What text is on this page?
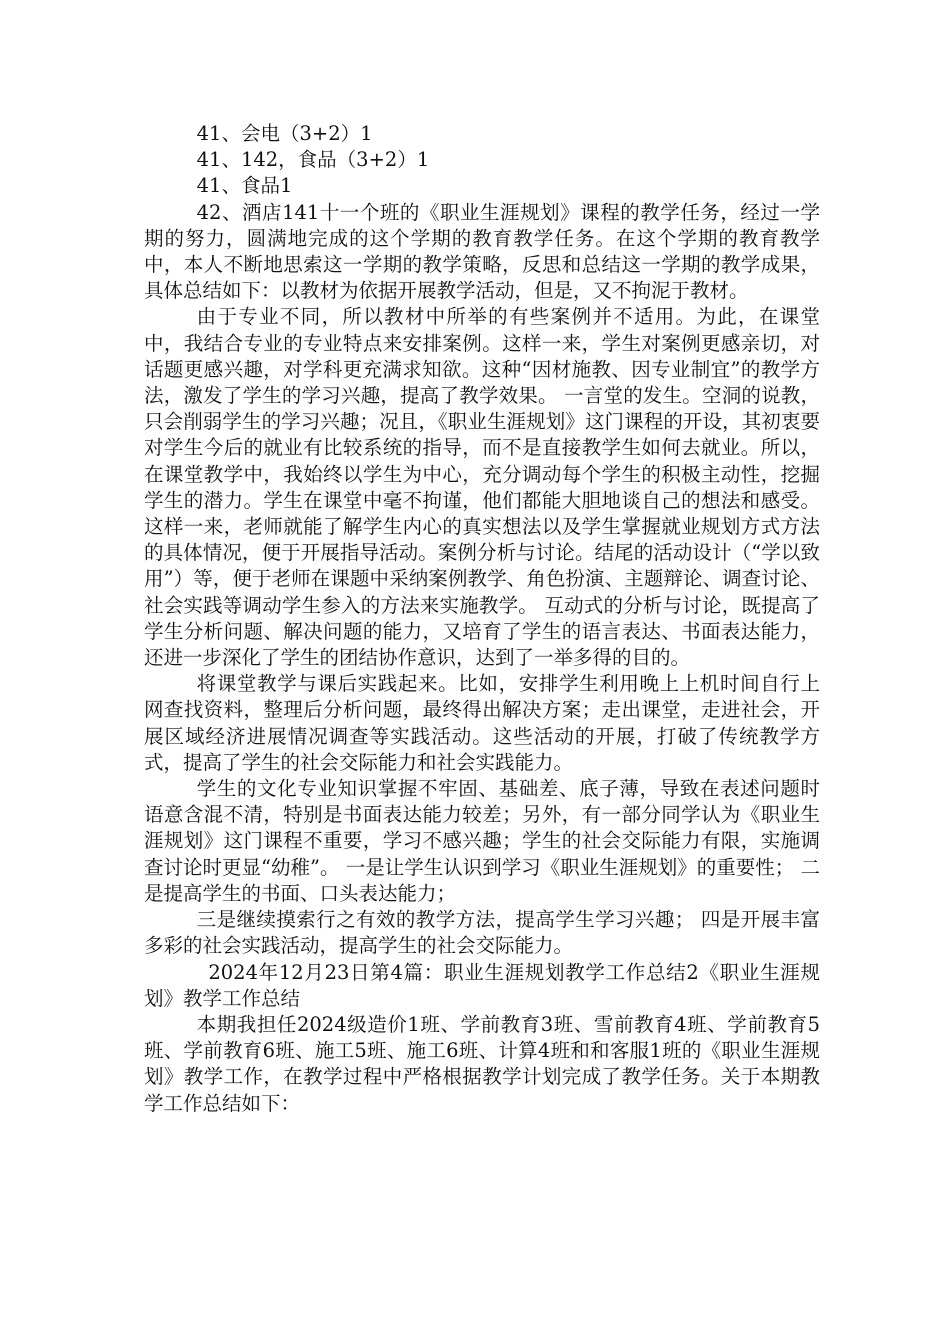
41、会电（3+2）1

41、142，食品（3+2）1

41、食品1

42、酒店141十一个班的《职业生涯规划》课程的教学任务，经过一学期的努力，圆满地完成的这个学期的教育教学任务。在这个学期的教育教学中，本人不断地思索这一学期的教学策略，反思和总结这一学期的教学成果，具体总结如下：以教材为依据开展教学活动，但是，又不拘泥于教材。

由于专业不同，所以教材中所举的有些案例并不适用。为此，在课堂中，我结合专业的专业特点来安排案例。这样一来，学生对案例更感亲切，对话题更感兴趣，对学科更充满求知欲。这种“因材施教、因专业制宜”的教学方法，激发了学生的学习兴趣，提高了教学效果。 一言堂的发生。空洞的说教，只会削弱学生的学习兴趣；况且，《职业生涯规划》这门课程的开设，其初衷要对学生今后的就业有比较系统的指导，而不是直接教学生如何去就业。所以，在课堂教学中，我始终以学生为中心，充分调动每个学生的积极主动性，挖掘学生的潜力。学生在课堂中毫不拘谨，他们都能大胆地谈自己的想法和感受。这样一来，老师就能了解学生内心的真实想法以及学生掌握就业规划方式方法的具体情况，便于开展指导活动。案例分析与讨论。结尾的活动设计（“学以致用”）等，便于老师在课题中采纳案例教学、角色扮演、主题辩论、调查讨论、社会实践等调动学生参入的方法来实施教学。 互动式的分析与讨论，既提高了学生分析问题、解决问题的能力，又培育了学生的语言表达、书面表达能力，还进一步深化了学生的团结协作意识，达到了一举多得的目的。

将课堂教学与课后实践起来。比如，安排学生利用晚上上机时间自行上网查找资料，整理后分析问题，最终得出解决方案；走出课堂，走进社会，开展区域经济进展情况调查等实践活动。这些活动的开展，打破了传统教学方式，提高了学生的社会交际能力和社会实践能力。

学生的文化专业知识掌握不牢固、基础差、底子薄，导致在表述问题时语意含混不清，特别是书面表达能力较差；另外，有一部分同学认为《职业生涯规划》这门课程不重要，学习不感兴趣；学生的社会交际能力有限，实施调查讨论时更显“幼稚”。 一是让学生认识到学习《职业生涯规划》的重要性； 二是提高学生的书面、口头表达能力；

三是继续摸索行之有效的教学方法，提高学生学习兴趣； 四是开展丰富多彩的社会实践活动，提高学生的社会交际能力。

2024年12月23日第4篇：职业生涯规划教学工作总结2《职业生涯规划》教学工作总结

本期我担任2024级造价1班、学前教育3班、雪前教育4班、学前教育5班、学前教育6班、施工5班、施工6班、计算4班和和客服1班的《职业生涯规划》教学工作，在教学过程中严格根据教学计划完成了教学任务。关于本期教学工作总结如下：
